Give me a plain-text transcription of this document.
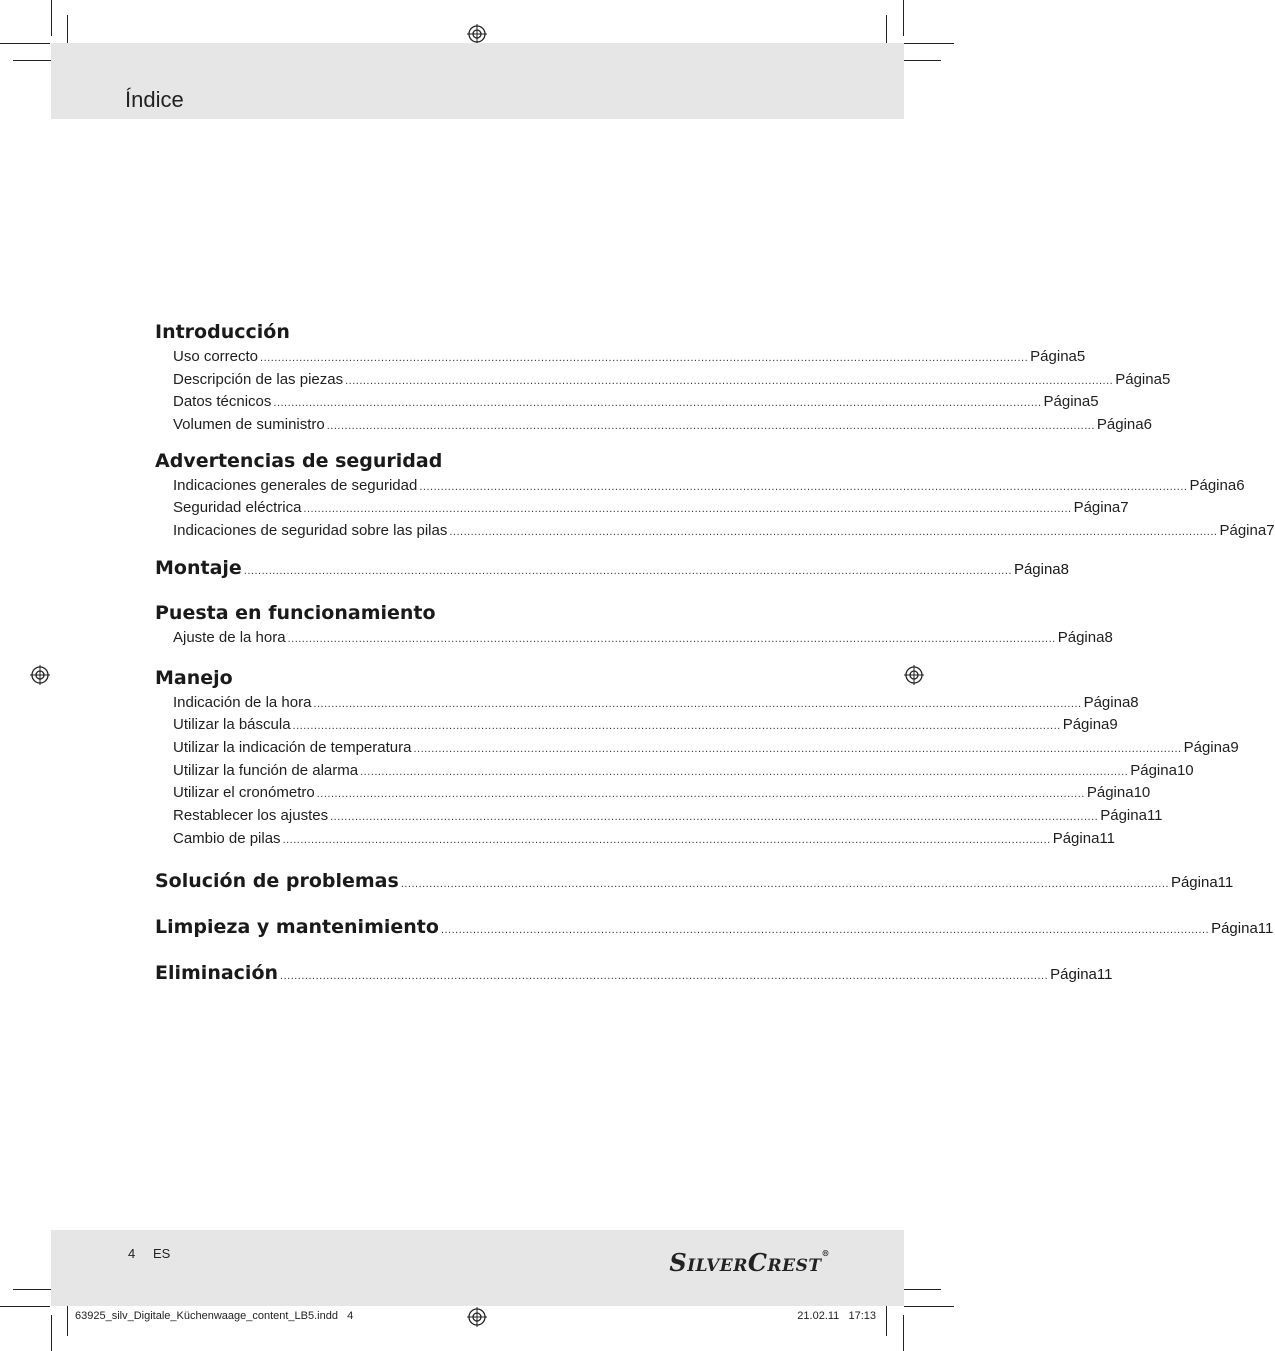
Índice
Introducción
Uso correcto ........................................................................................................................................................................................................................ Página 5
Descripción de las piezas ........................................................................................................................................................................................................................ Página 5
Datos técnicos ........................................................................................................................................................................................................................ Página 5
Volumen de suministro ........................................................................................................................................................................................................................ Página 6
Advertencias de seguridad
Indicaciones generales de seguridad ........................................................................................................................................................................................................................ Página 6
Seguridad eléctrica ........................................................................................................................................................................................................................ Página 7
Indicaciones de seguridad sobre las pilas ........................................................................................................................................................................................................................ Página 7
Montaje ........................................................................................................................................................................................................................ Página 8
Puesta en funcionamiento
Ajuste de la hora ........................................................................................................................................................................................................................ Página 8
Manejo
Indicación de la hora ........................................................................................................................................................................................................................ Página 8
Utilizar la báscula ........................................................................................................................................................................................................................ Página 9
Utilizar la indicación de temperatura ........................................................................................................................................................................................................................ Página 9
Utilizar la función de alarma ........................................................................................................................................................................................................................ Página 10
Utilizar el cronómetro ........................................................................................................................................................................................................................ Página 10
Restablecer los ajustes ........................................................................................................................................................................................................................ Página 11
Cambio de pilas ........................................................................................................................................................................................................................ Página 11
Solución de problemas ........................................................................................................................................................................................................................ Página 11
Limpieza y mantenimiento ........................................................................................................................................................................................................................ Página 11
Eliminación ........................................................................................................................................................................................................................ Página 11
4 ES	SILVERCREST®
63925_silv_Digitale_Küchenwaage_content_LB5.indd   4	21.02.11   17:13
